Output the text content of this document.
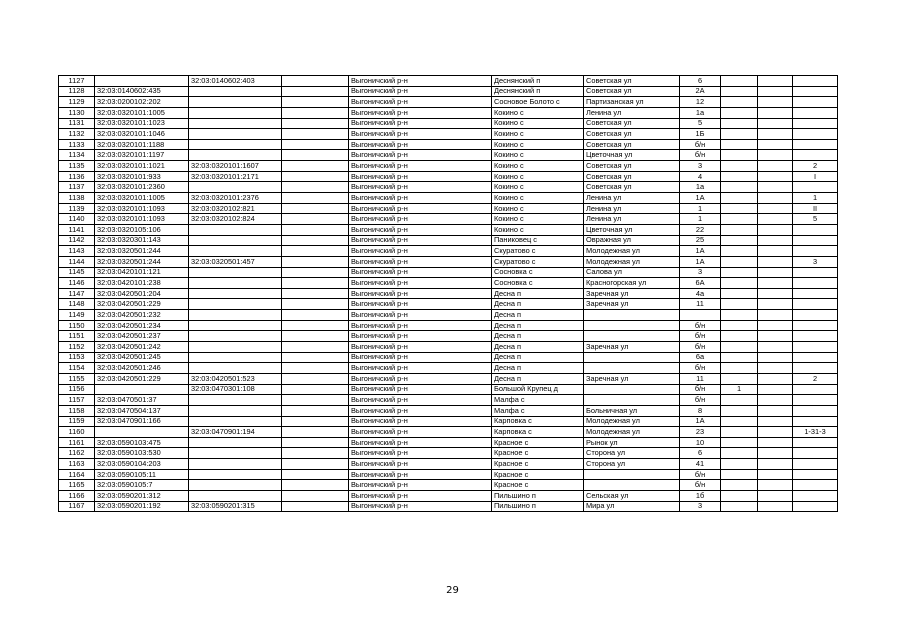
1127		32:03:0140602:403		Выгоничский р-н	Деснянский п	Советская ул	6			
1128	32:03:0140602:435			Выгоничский р-н	Деснянский п	Советская ул	2А			
1129	32:03:0200102:202			Выгоничский р-н	Сосновое Болото с	Партизанская ул	12			
1130	32:03:0320101:1005			Выгоничский р-н	Кокино с	Ленина ул	1а			
1131	32:03:0320101:1023			Выгоничский р-н	Кокино с	Советская ул	5			
1132	32:03:0320101:1046			Выгоничский р-н	Кокино с	Советская ул	1Б			
1133	32:03:0320101:1188			Выгоничский р-н	Кокино с	Советская ул	б/н			
1134	32:03:0320101:1197			Выгоничский р-н	Кокино с	Цветочная ул	б/н			
1135	32:03:0320101:1021	32:03:0320101:1607		Выгоничский р-н	Кокино с	Советская ул	3			2
1136	32:03:0320101:933	32:03:0320101:2171		Выгоничский р-н	Кокино с	Советская ул	4			I
1137	32:03:0320101:2360			Выгоничский р-н	Кокино с	Советская ул	1а			
1138	32:03:0320101:1005	32:03:0320101:2376		Выгоничский р-н	Кокино с	Ленина ул	1А			1
1139	32:03:0320101:1093	32:03:0320102:821		Выгоничский р-н	Кокино с	Ленина ул	1			II
1140	32:03:0320101:1093	32:03:0320102:824		Выгоничский р-н	Кокино с	Ленина ул	1			5
1141	32:03:0320105:106			Выгоничский р-н	Кокино с	Цветочная ул	22			
1142	32:03:0320301:143			Выгоничский р-н	Паниковец с	Овражная ул	25			
1143	32:03:0320501:244			Выгоничский р-н	Скуратово с	Молодежная ул	1А			
1144	32:03:0320501:244	32:03:0320501:457		Выгоничский р-н	Скуратово с	Молодежная ул	1А			3
1145	32:03:0420101:121			Выгоничский р-н	Сосновка с	Салова ул	3			
1146	32:03:0420101:238			Выгоничский р-н	Сосновка с	Красногорская ул	6А			
1147	32:03:0420501:204			Выгоничский р-н	Десна п	Заречная ул	4а			
1148	32:03:0420501:229			Выгоничский р-н	Десна п	Заречная ул	11			
1149	32:03:0420501:232			Выгоничский р-н	Десна п					
1150	32:03:0420501:234			Выгоничский р-н	Десна п		б/н			
1151	32:03:0420501:237			Выгоничский р-н	Десна п		б/н			
1152	32:03:0420501:242			Выгоничский р-н	Десна п	Заречная ул	б/н			
1153	32:03:0420501:245			Выгоничский р-н	Десна п		6а			
1154	32:03:0420501:246			Выгоничский р-н	Десна п		б/н			
1155	32:03:0420501:229	32:03:0420501:523		Выгоничский р-н	Десна п	Заречная ул	11			2
1156		32:03:0470301:108		Выгоничский р-н	Большой Крупец д		б/н	1		
1157	32:03:0470501:37			Выгоничский р-н	Малфа с		б/н			
1158	32:03:0470504:137			Выгоничский р-н	Малфа с	Больничная ул	8			
1159	32:03:0470901:166			Выгоничский р-н	Карповка с	Молодежная ул	1А			
1160		32:03:0470901:194		Выгоничский р-н	Карповка с	Молодежная ул	23			1-31-3
1161	32:03:0590103:475			Выгоничский р-н	Красное с	Рынок ул	10			
1162	32:03:0590103:530			Выгоничский р-н	Красное с	Сторона ул	6			
1163	32:03:0590104:203			Выгоничский р-н	Красное с	Сторона ул	41			
1164	32:03:0590105:11			Выгоничский р-н	Красное с		б/н			
1165	32:03:0590105:7			Выгоничский р-н	Красное с		б/н			
1166	32:03:0590201:312			Выгоничский р-н	Пильшино п	Сельская ул	1б			
1167	32:03:0590201:192	32:03:0590201:315		Выгоничский р-н	Пильшино п	Мира ул	3			
29
